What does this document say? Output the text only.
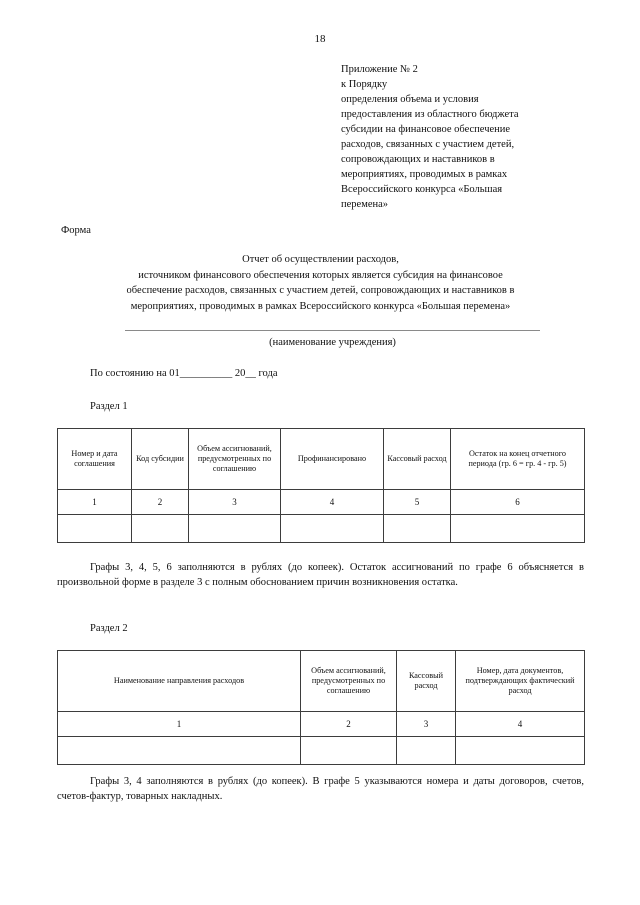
18
Приложение № 2
к Порядку
определения объема и условия
предоставления из областного бюджета
субсидии на финансовое обеспечение
расходов, связанных с участием детей,
сопровождающих и наставников в
мероприятиях, проводимых в рамках
Всероссийского конкурса «Большая
перемена»
Форма
Отчет об осуществлении расходов,
источником финансового обеспечения которых является субсидия на финансовое
обеспечение расходов, связанных с участием детей, сопровождающих и наставников в
мероприятиях, проводимых в рамках Всероссийского конкурса «Большая перемена»
(наименование учреждения)
По состоянию на 01__________ 20__ года
Раздел 1
Номер и дата соглашения	Код субсидии	Объем ассигнований, предусмотренных по соглашению	Профинансировано	Кассовый расход	Остаток на конец отчетного периода (гр. 6 = гр. 4 - гр. 5)
1	2	3	4	5	6

Графы 3, 4, 5, 6 заполняются в рублях (до копеек). Остаток ассигнований по графе 6 объясняется в произвольной форме в разделе 3 с полным обоснованием причин возникновения остатка.
Раздел 2
Наименование направления расходов	Объем ассигнований, предусмотренных по соглашению	Кассовый расход	Номер, дата документов, подтверждающих фактический расход
1	2	3	4

Графы 3, 4 заполняются в рублях (до копеек). В графе 5 указываются номера и даты договоров, счетов, счетов-фактур, товарных накладных.
